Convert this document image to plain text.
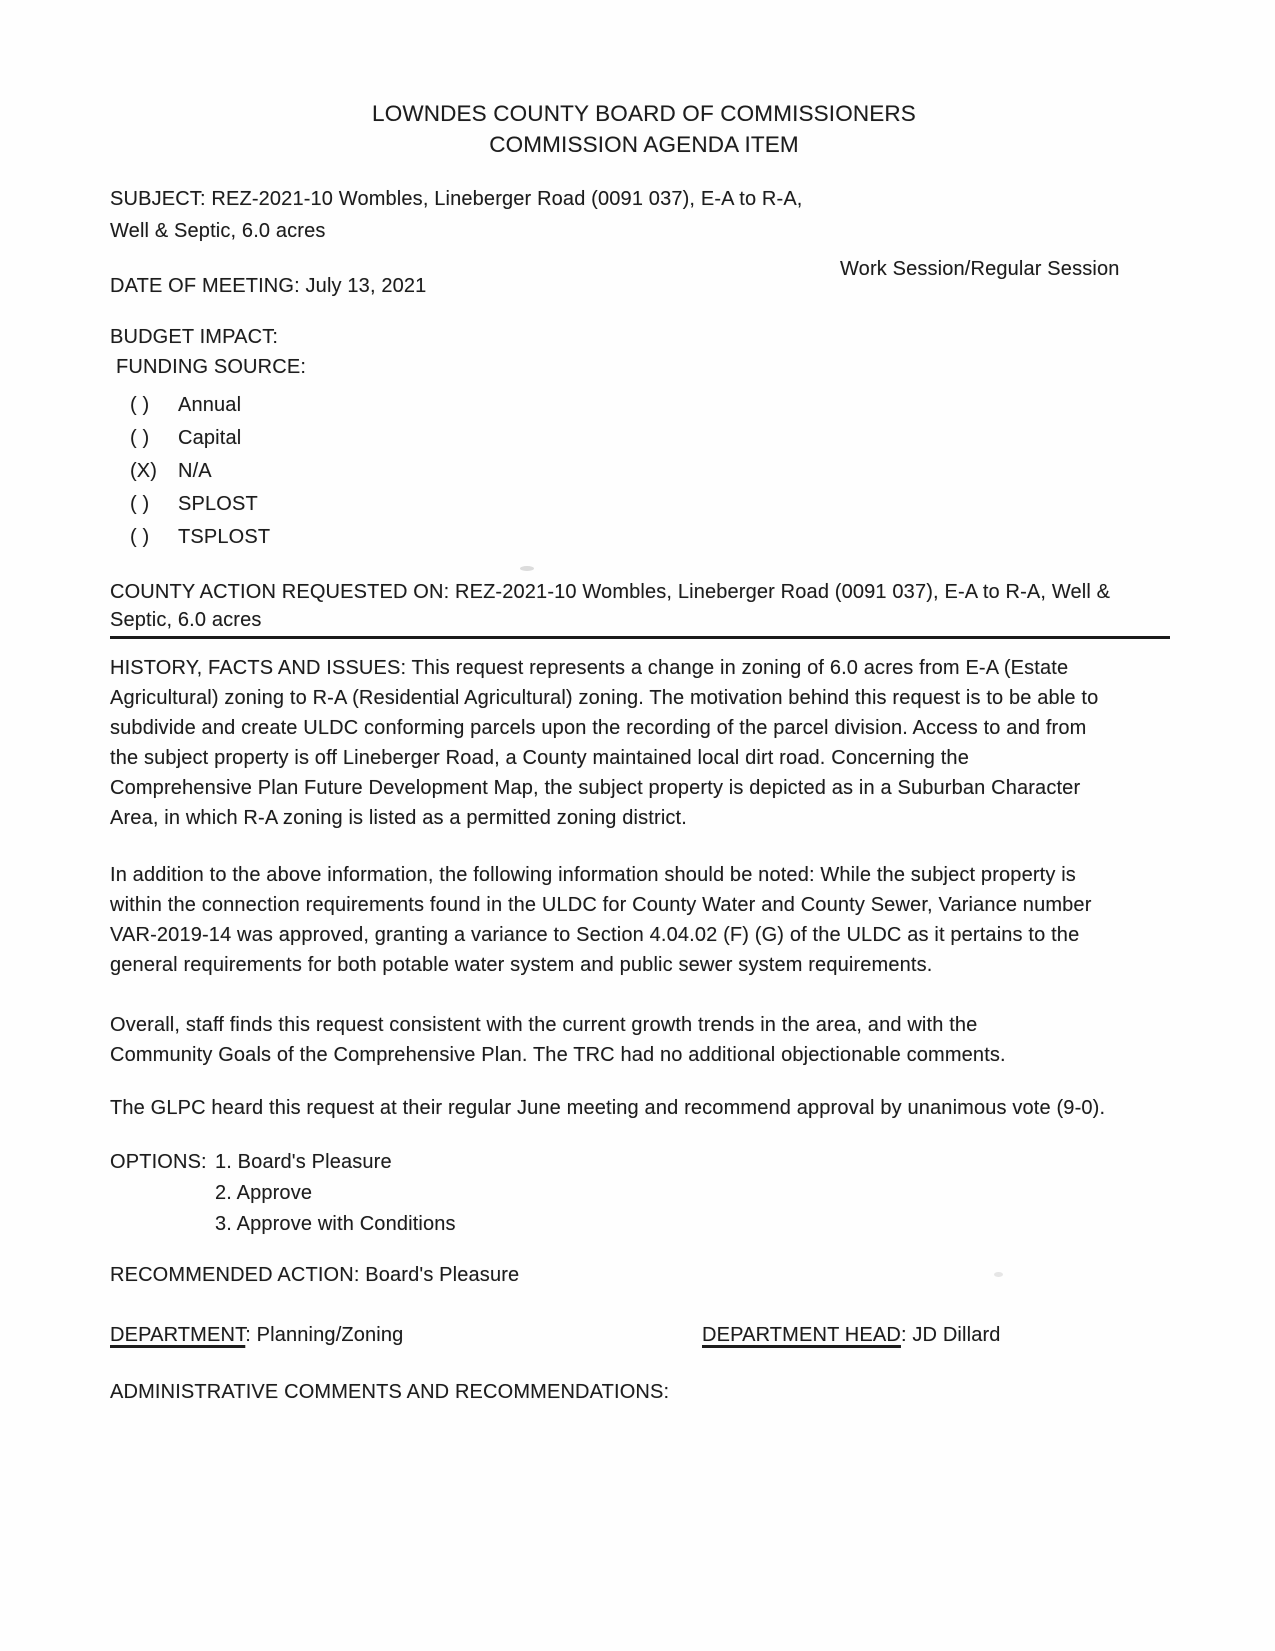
LOWNDES COUNTY BOARD OF COMMISSIONERS
COMMISSION AGENDA ITEM
SUBJECT: REZ-2021-10 Wombles, Lineberger Road (0091 037), E-A to R-A,
Well & Septic, 6.0 acres
DATE OF MEETING: July 13, 2021
Work Session/Regular Session
BUDGET IMPACT:
FUNDING SOURCE:
( )	Annual
( )	Capital
(X)	N/A
( )	SPLOST
( )	TSPLOST
COUNTY ACTION REQUESTED ON: REZ-2021-10 Wombles, Lineberger Road (0091 037), E-A to R-A, Well &
Septic, 6.0 acres
HISTORY, FACTS AND ISSUES: This request represents a change in zoning of 6.0 acres from E-A (Estate
Agricultural) zoning to R-A (Residential Agricultural) zoning. The motivation behind this request is to be able to
subdivide and create ULDC conforming parcels upon the recording of the parcel division. Access to and from
the subject property is off Lineberger Road, a County maintained local dirt road. Concerning the
Comprehensive Plan Future Development Map, the subject property is depicted as in a Suburban Character
Area, in which R-A zoning is listed as a permitted zoning district.
In addition to the above information, the following information should be noted: While the subject property is
within the connection requirements found in the ULDC for County Water and County Sewer, Variance number
VAR-2019-14 was approved, granting a variance to Section 4.04.02 (F) (G) of the ULDC as it pertains to the
general requirements for both potable water system and public sewer system requirements.
Overall, staff finds this request consistent with the current growth trends in the area, and with the
Community Goals of the Comprehensive Plan. The TRC had no additional objectionable comments.
The GLPC heard this request at their regular June meeting and recommend approval by unanimous vote (9-0).
OPTIONS: 1. Board's Pleasure
2. Approve
3. Approve with Conditions
RECOMMENDED ACTION: Board's Pleasure
DEPARTMENT: Planning/Zoning	DEPARTMENT HEAD: JD Dillard
ADMINISTRATIVE COMMENTS AND RECOMMENDATIONS:
